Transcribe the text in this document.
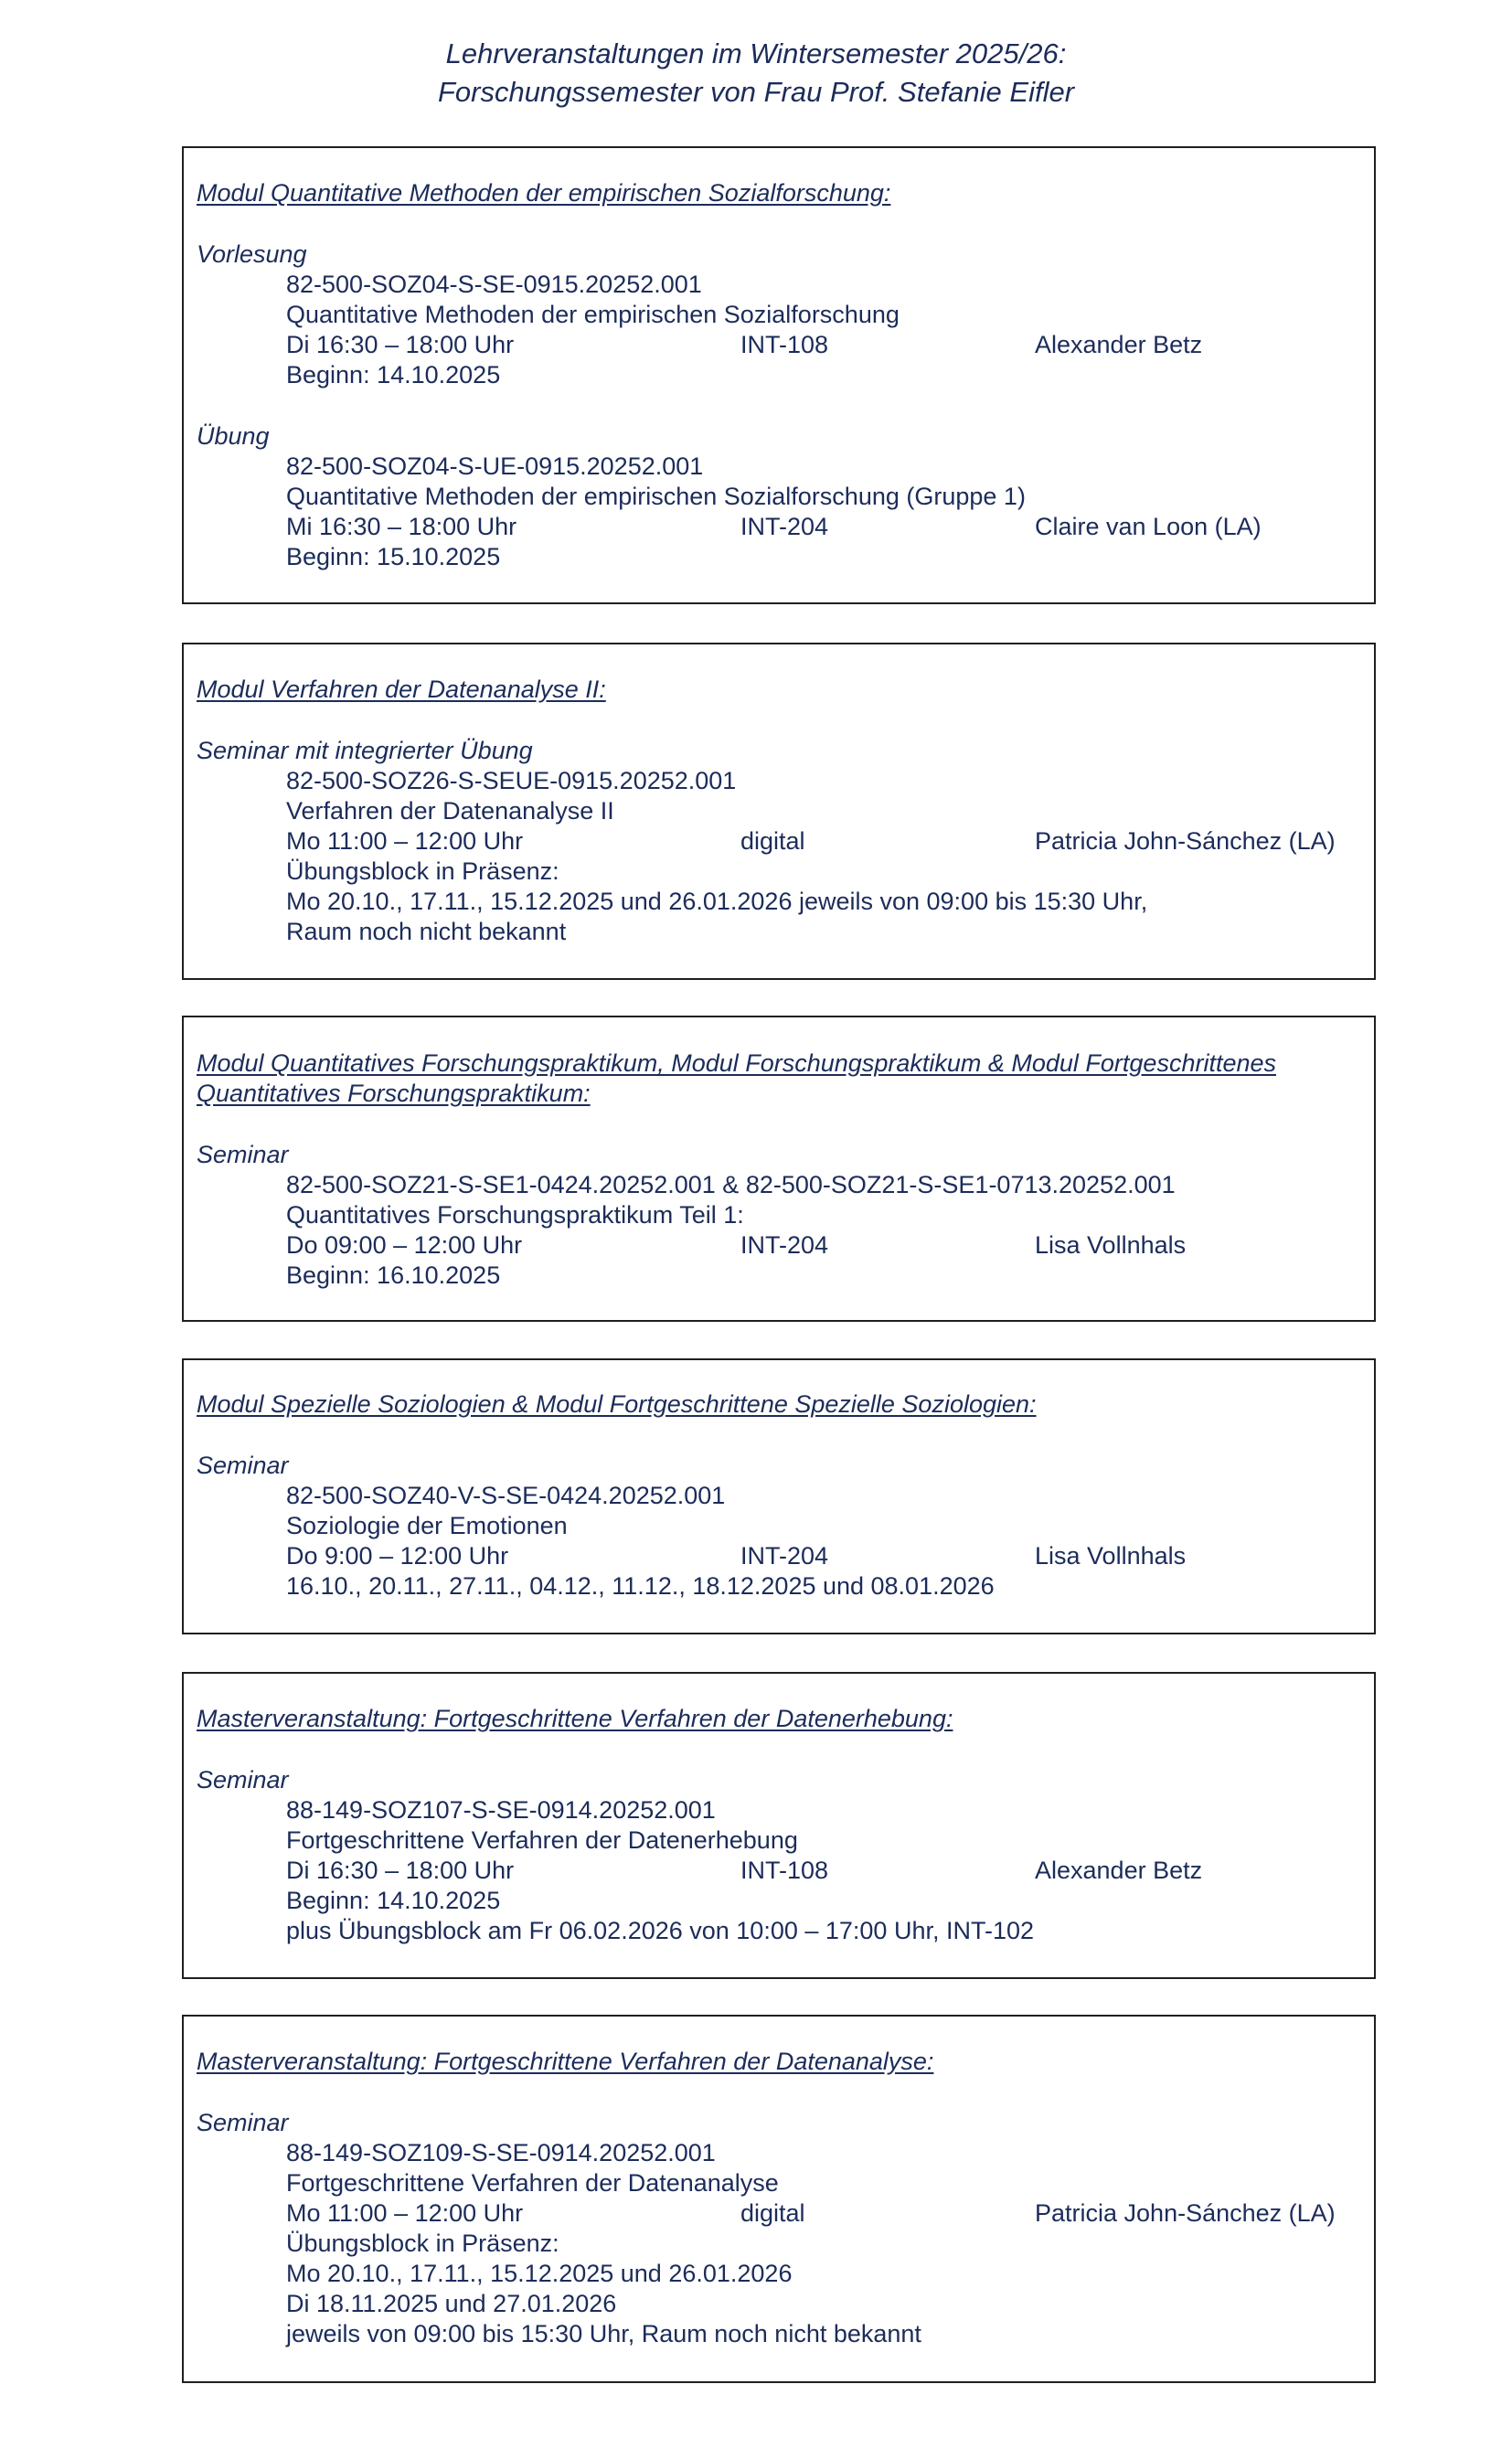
Lehrveranstaltungen im Wintersemester 2025/26:
Forschungssemester von Frau Prof. Stefanie Eifler
Modul Quantitative Methoden der empirischen Sozialforschung:
Vorlesung
82-500-SOZ04-S-SE-0915.20252.001
Quantitative Methoden der empirischen Sozialforschung
Di 16:30 – 18:00 Uhr	INT-108	Alexander Betz
Beginn: 14.10.2025
Übung
82-500-SOZ04-S-UE-0915.20252.001
Quantitative Methoden der empirischen Sozialforschung (Gruppe 1)
Mi 16:30 – 18:00 Uhr	INT-204	Claire van Loon (LA)
Beginn: 15.10.2025
Modul Verfahren der Datenanalyse II:
Seminar mit integrierter Übung
82-500-SOZ26-S-SEUE-0915.20252.001
Verfahren der Datenanalyse II
Mo 11:00 – 12:00 Uhr	digital	Patricia John-Sánchez (LA)
Übungsblock in Präsenz:
Mo 20.10., 17.11., 15.12.2025 und 26.01.2026 jeweils von 09:00 bis 15:30 Uhr,
Raum noch nicht bekannt
Modul Quantitatives Forschungspraktikum, Modul Forschungspraktikum & Modul Fortgeschrittenes
Quantitatives Forschungspraktikum:
Seminar
82-500-SOZ21-S-SE1-0424.20252.001 & 82-500-SOZ21-S-SE1-0713.20252.001
Quantitatives Forschungspraktikum Teil 1:
Do 09:00 – 12:00 Uhr	INT-204	Lisa Vollnhals
Beginn: 16.10.2025
Modul Spezielle Soziologien & Modul Fortgeschrittene Spezielle Soziologien:
Seminar
82-500-SOZ40-V-S-SE-0424.20252.001
Soziologie der Emotionen
Do 9:00 – 12:00 Uhr	INT-204	Lisa Vollnhals
16.10., 20.11., 27.11., 04.12., 11.12., 18.12.2025 und 08.01.2026
Masterveranstaltung: Fortgeschrittene Verfahren der Datenerhebung:
Seminar
88-149-SOZ107-S-SE-0914.20252.001
Fortgeschrittene Verfahren der Datenerhebung
Di 16:30 – 18:00 Uhr	INT-108	Alexander Betz
Beginn: 14.10.2025
plus Übungsblock am Fr 06.02.2026 von 10:00 – 17:00 Uhr, INT-102
Masterveranstaltung: Fortgeschrittene Verfahren der Datenanalyse:
Seminar
88-149-SOZ109-S-SE-0914.20252.001
Fortgeschrittene Verfahren der Datenanalyse
Mo 11:00 – 12:00 Uhr	digital	Patricia John-Sánchez (LA)
Übungsblock in Präsenz:
Mo 20.10., 17.11., 15.12.2025 und 26.01.2026
Di 18.11.2025 und 27.01.2026
jeweils von 09:00 bis 15:30 Uhr, Raum noch nicht bekannt
